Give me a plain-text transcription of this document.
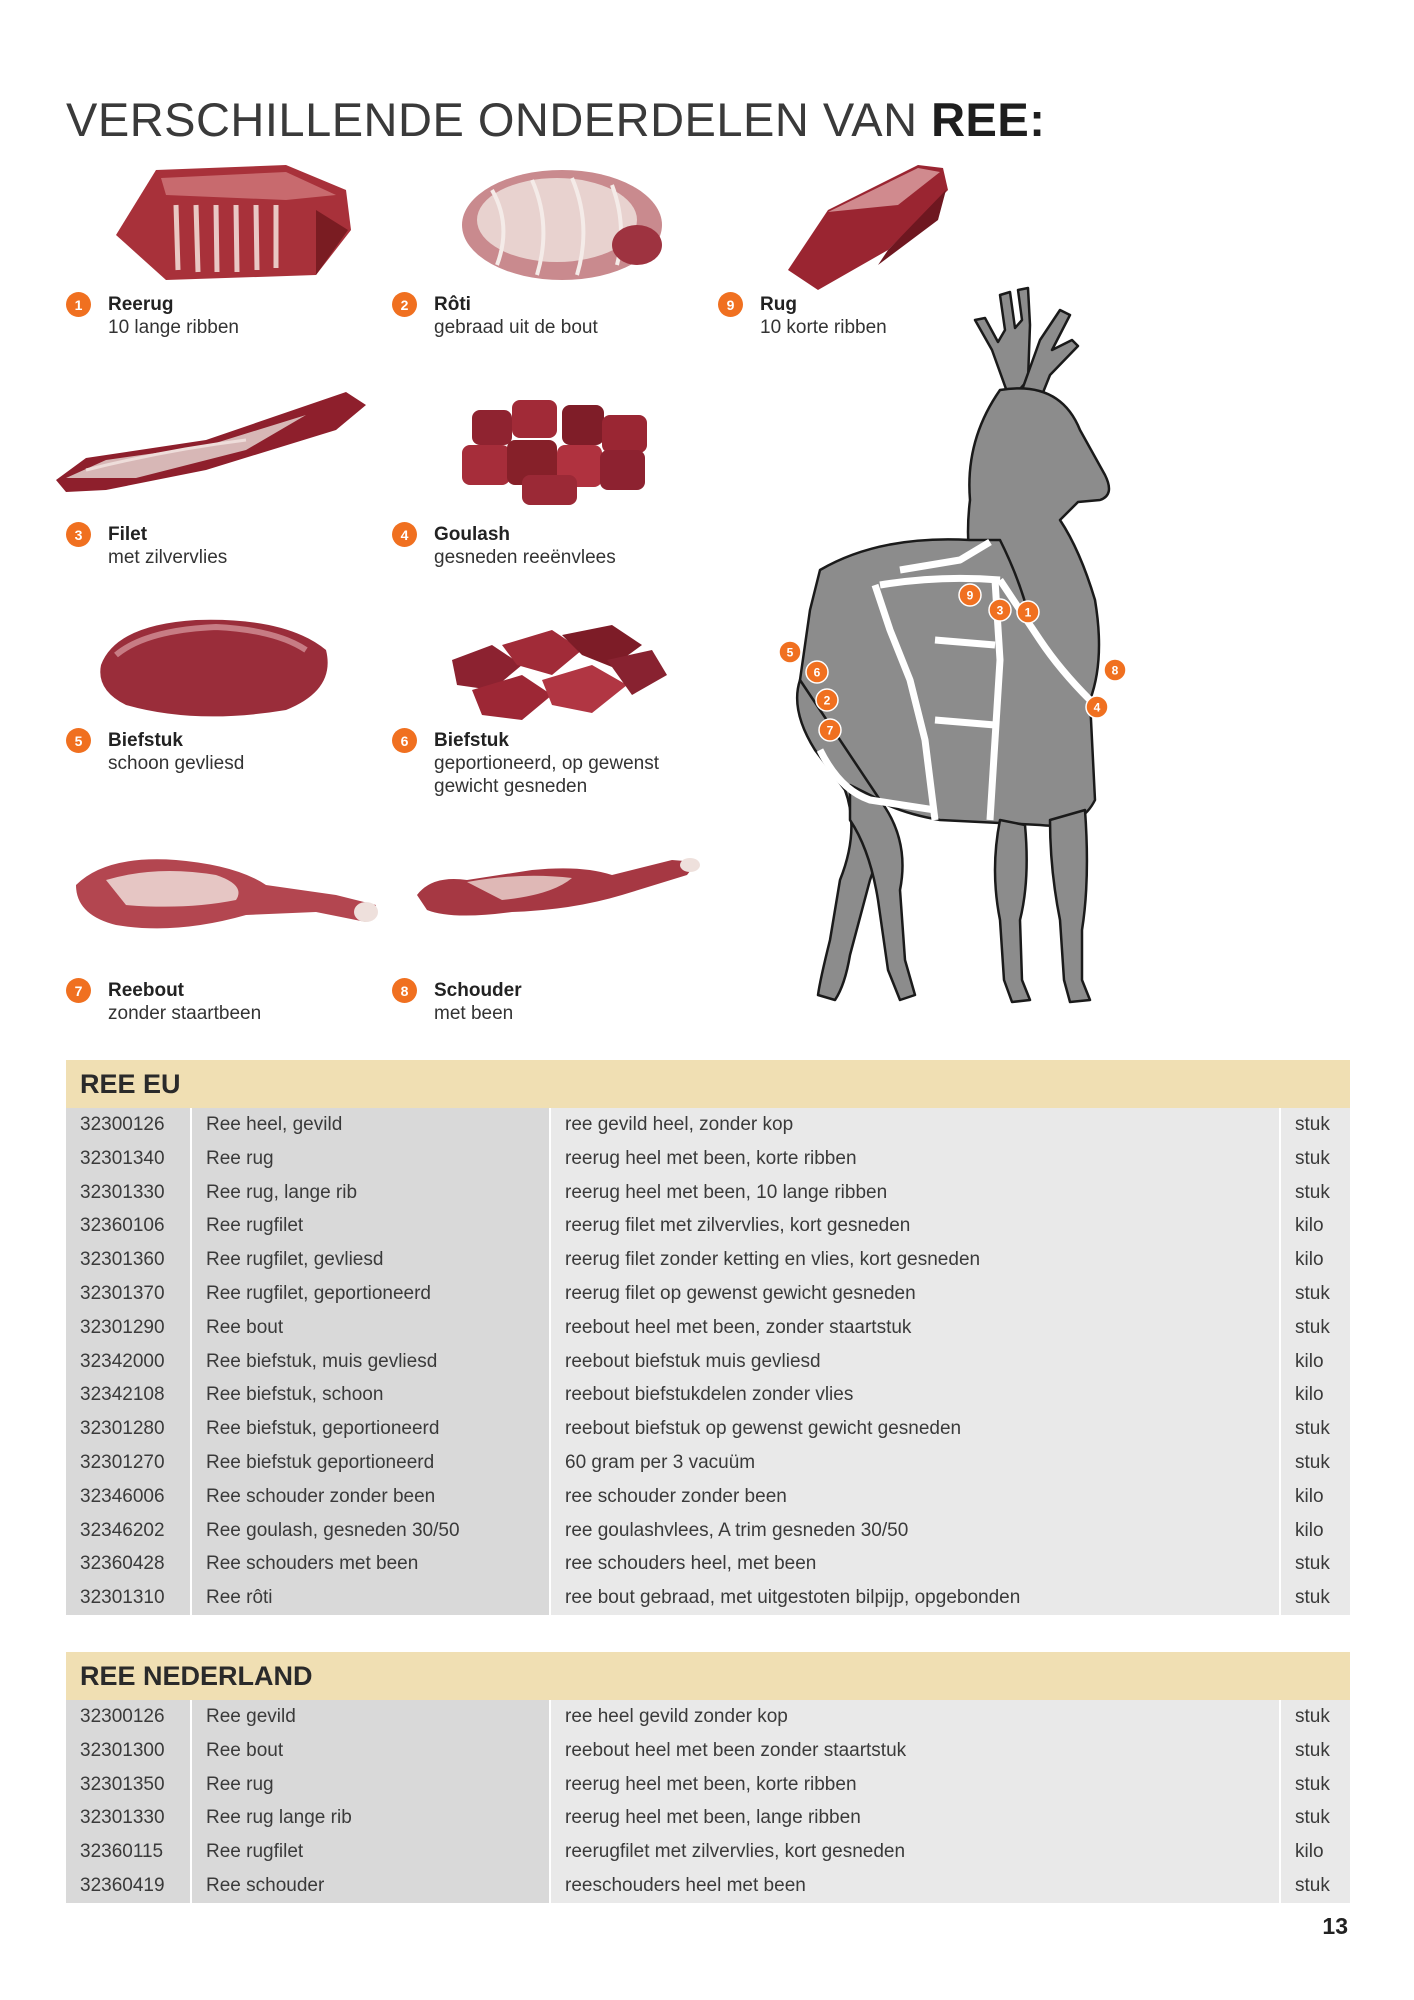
VERSCHILLENDE ONDERDELEN VAN REE:
1	Reerug
10 lange ribben
2	Rôti
gebraad uit de bout
9	Rug
10 korte ribben
3	Filet
met zilvervlies
4	Goulash
gesneden reeënvlees
5	Biefstuk
schoon gevliesd
6	Biefstuk
geportioneerd, op gewenst gewicht gesneden
7	Reebout
zonder staartbeen
8	Schouder
met been
9
3 1
5
6
2
7
8
4
REE EU
32300126	Ree heel, gevild	ree gevild heel, zonder kop	stuk
32301340	Ree rug	reerug heel met been, korte ribben	stuk
32301330	Ree rug, lange rib	reerug heel met been, 10 lange ribben	stuk
32360106	Ree rugfilet	reerug filet met zilvervlies, kort gesneden	kilo
32301360	Ree rugfilet, gevliesd	reerug filet zonder ketting en vlies, kort gesneden	kilo
32301370	Ree rugfilet, geportioneerd	reerug filet op gewenst gewicht gesneden	stuk
32301290	Ree bout	reebout heel met been, zonder staartstuk	stuk
32342000	Ree biefstuk, muis gevliesd	reebout biefstuk muis gevliesd	kilo
32342108	Ree biefstuk, schoon	reebout biefstukdelen zonder vlies	kilo
32301280	Ree biefstuk, geportioneerd	reebout biefstuk op gewenst gewicht gesneden	stuk
32301270	Ree biefstuk geportioneerd	60 gram per 3 vacuüm	stuk
32346006	Ree schouder zonder been	ree schouder zonder been	kilo
32346202	Ree goulash, gesneden 30/50	ree goulashvlees, A trim gesneden 30/50	kilo
32360428	Ree schouders met been	ree schouders heel, met been	stuk
32301310	Ree rôti	ree bout gebraad, met uitgestoten bilpijp, opgebonden	stuk
REE NEDERLAND
32300126	Ree gevild	ree heel gevild zonder kop	stuk
32301300	Ree bout	reebout heel met been zonder staartstuk	stuk
32301350	Ree rug	reerug heel met been, korte ribben	stuk
32301330	Ree rug lange rib	reerug heel met been, lange ribben	stuk
32360115	Ree rugfilet	reerugfilet met zilvervlies, kort gesneden	kilo
32360419	Ree schouder	reeschouders heel met been	stuk
13
